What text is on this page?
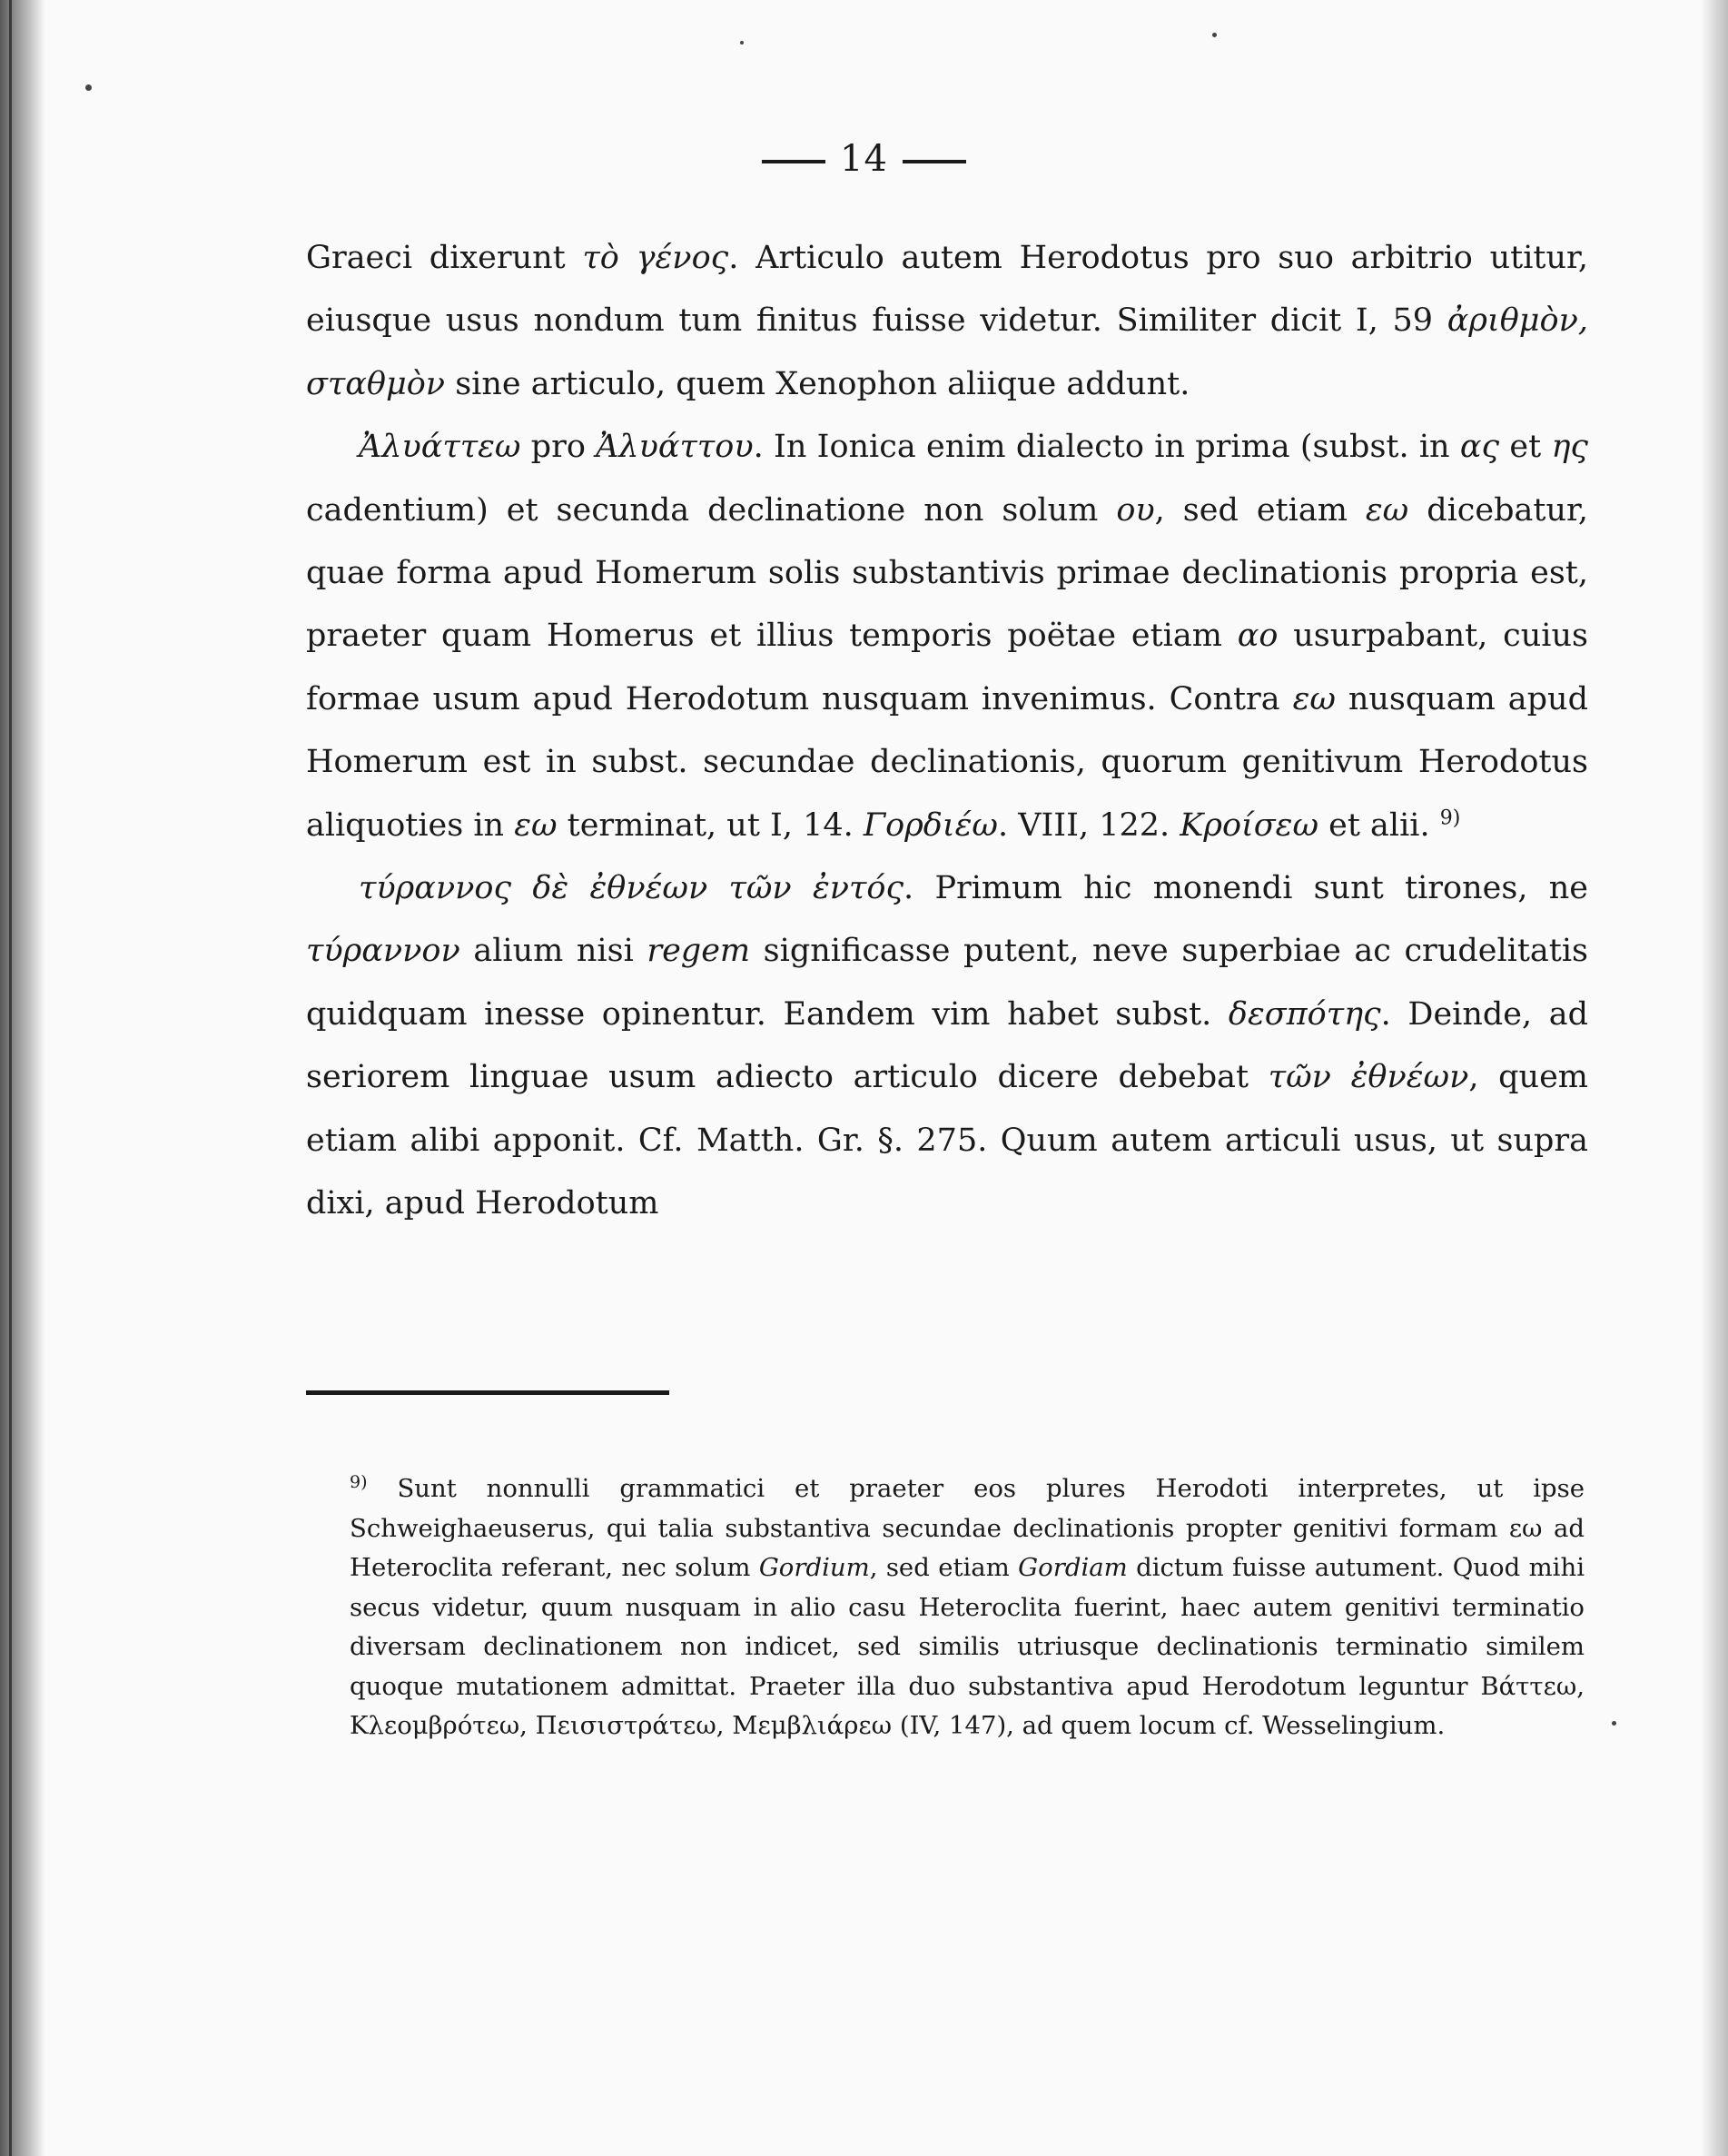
14

Graeci dixerunt τὸ γένος. Articulo autem Herodotus pro suo arbitrio utitur, eiusque usus nondum tum finitus fuisse videtur. Similiter dicit I, 59 ἀριθμὸν, σταθμὸν sine articulo, quem Xenophon aliique addunt.

Ἀλυάττεω pro Ἀλυάττου. In Ionica enim dialecto in prima (subst. in ας et ης cadentium) et secunda declinatione non solum ου, sed etiam εω dicebatur, quae forma apud Homerum solis substantivis primae declinationis propria est, praeter quam Homerus et illius temporis poëtae etiam αο usurpabant, cuius formae usum apud Herodotum nusquam invenimus. Contra εω nusquam apud Homerum est in subst. secundae declinationis, quorum genitivum Herodotus aliquoties in εω terminat, ut I, 14. Γορδιέω. VIII, 122. Κροίσεω et alii. $^{9)}$

τύραννος δὲ ἐθνέων τῶν ἐντός. Primum hic monendi sunt tirones, ne τύραννον alium nisi regem significasse putent, neve superbiae ac crudelitatis quidquam inesse opinentur. Eandem vim habet subst. δεσπότης. Deinde, ad seriorem linguae usum adiecto articulo dicere debebat τῶν ἐθνέων, quem etiam alibi apponit. Cf. Matth. Gr. §. 275. Quum autem articuli usus, ut supra dixi, apud Herodotum

$^{9)}$ Sunt nonnulli grammatici et praeter eos plures Herodoti interpretes, ut ipse Schweighaeuserus, qui talia substantiva secundae declinationis propter genitivi formam εω ad Heteroclita referant, nec solum Gordium, sed etiam Gordiam dictum fuisse autument. Quod mihi secus videtur, quum nusquam in alio casu Heteroclita fuerint, haec autem genitivi terminatio diversam declinationem non indicet, sed similis utriusque declinationis terminatio similem quoque mutationem admittat. Praeter illa duo substantiva apud Herodotum leguntur Βάττεω, Κλεομβρότεω, Πεισιστράτεω, Μεμβλιάρεω (IV, 147), ad quem locum cf. Wesselingium.
